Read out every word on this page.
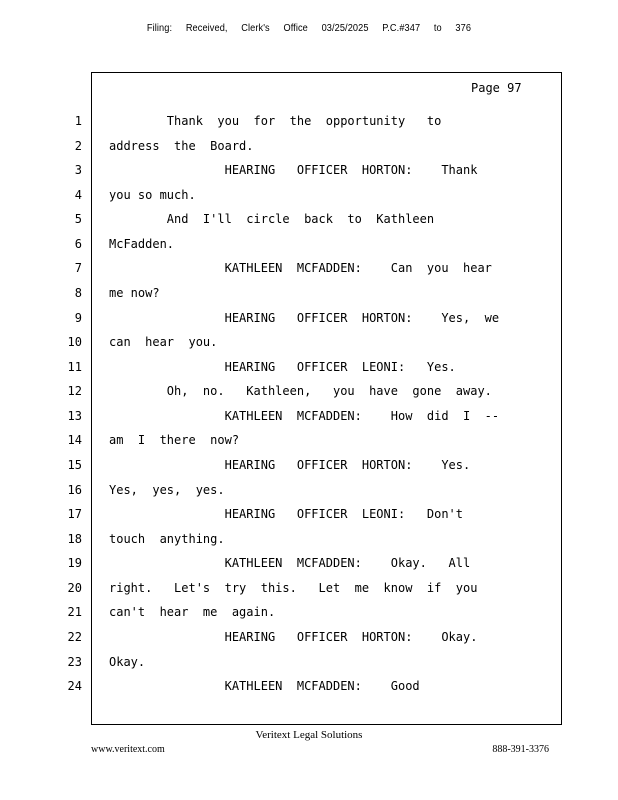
Filing: Received, Clerk's Office 03/25/2025 P.C.#347 to 376
Page 97
1 Thank  you  for  the  opportunity   to
2 address  the  Board.
3 HEARING   OFFICER  HORTON:    Thank
4 you so much.
5 And  I'll  circle  back  to  Kathleen
6 McFadden.
7 KATHLEEN  MCFADDEN:    Can  you  hear
8 me now?
9 HEARING   OFFICER  HORTON:    Yes,  we
10 can  hear  you.
11 HEARING   OFFICER  LEONI:   Yes.
12 Oh,  no.   Kathleen,   you  have  gone  away.
13 KATHLEEN  MCFADDEN:    How  did  I  --
14 am  I  there  now?
15 HEARING   OFFICER  HORTON:    Yes.
16 Yes,  yes,  yes.
17 HEARING   OFFICER  LEONI:   Don't
18 touch  anything.
19 KATHLEEN  MCFADDEN:    Okay.   All
20 right.   Let's  try  this.   Let  me  know  if  you
21 can't  hear  me  again.
22 HEARING   OFFICER  HORTON:    Okay.
23 Okay.
24 KATHLEEN  MCFADDEN:    Good
Veritext Legal Solutions
www.veritext.com	888-391-3376
